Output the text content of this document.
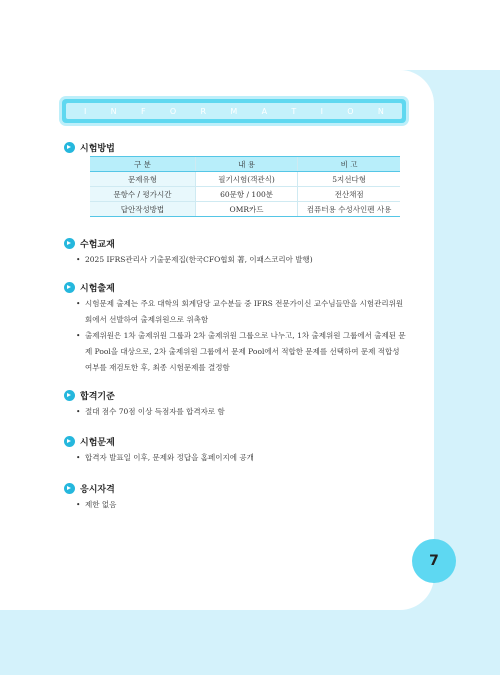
I	N	F	O	R	M	A	T	I	O	N
시험방법
구 분	내 용	비 고
문제유형	필기시험(객관식)	5지선다형
문항수 / 평가시간	60문항 / 100분	전산채점
답안작성방법	OMR카드	컴퓨터용 수성사인펜 사용
수험교재
• 2025 IFRS관리사 기출문제집(한국CFO협회 著, 이패스코리아 발행)
시험출제
• 시험문제 출제는 주요 대학의 회계담당 교수분들 중 IFRS 전문가이신 교수님들만을 시험관리위원회에서 선발하여 출제위원으로 위촉함
• 출제위원은 1차 출제위원 그룹과 2차 출제위원 그룹으로 나누고, 1차 출제위원 그룹에서 출제된 문제 Pool을 대상으로, 2차 출제위원 그룹에서 문제 Pool에서 적합한 문제를 선택하여 문제 적합성 여부를 재검토한 후, 최종 시험문제를 결정함
합격기준
• 절대 점수 70점 이상 득점자를 합격자로 함
시험문제
• 합격자 발표일 이후, 문제와 정답을 홈페이지에 공개
응시자격
• 제한 없음
7
